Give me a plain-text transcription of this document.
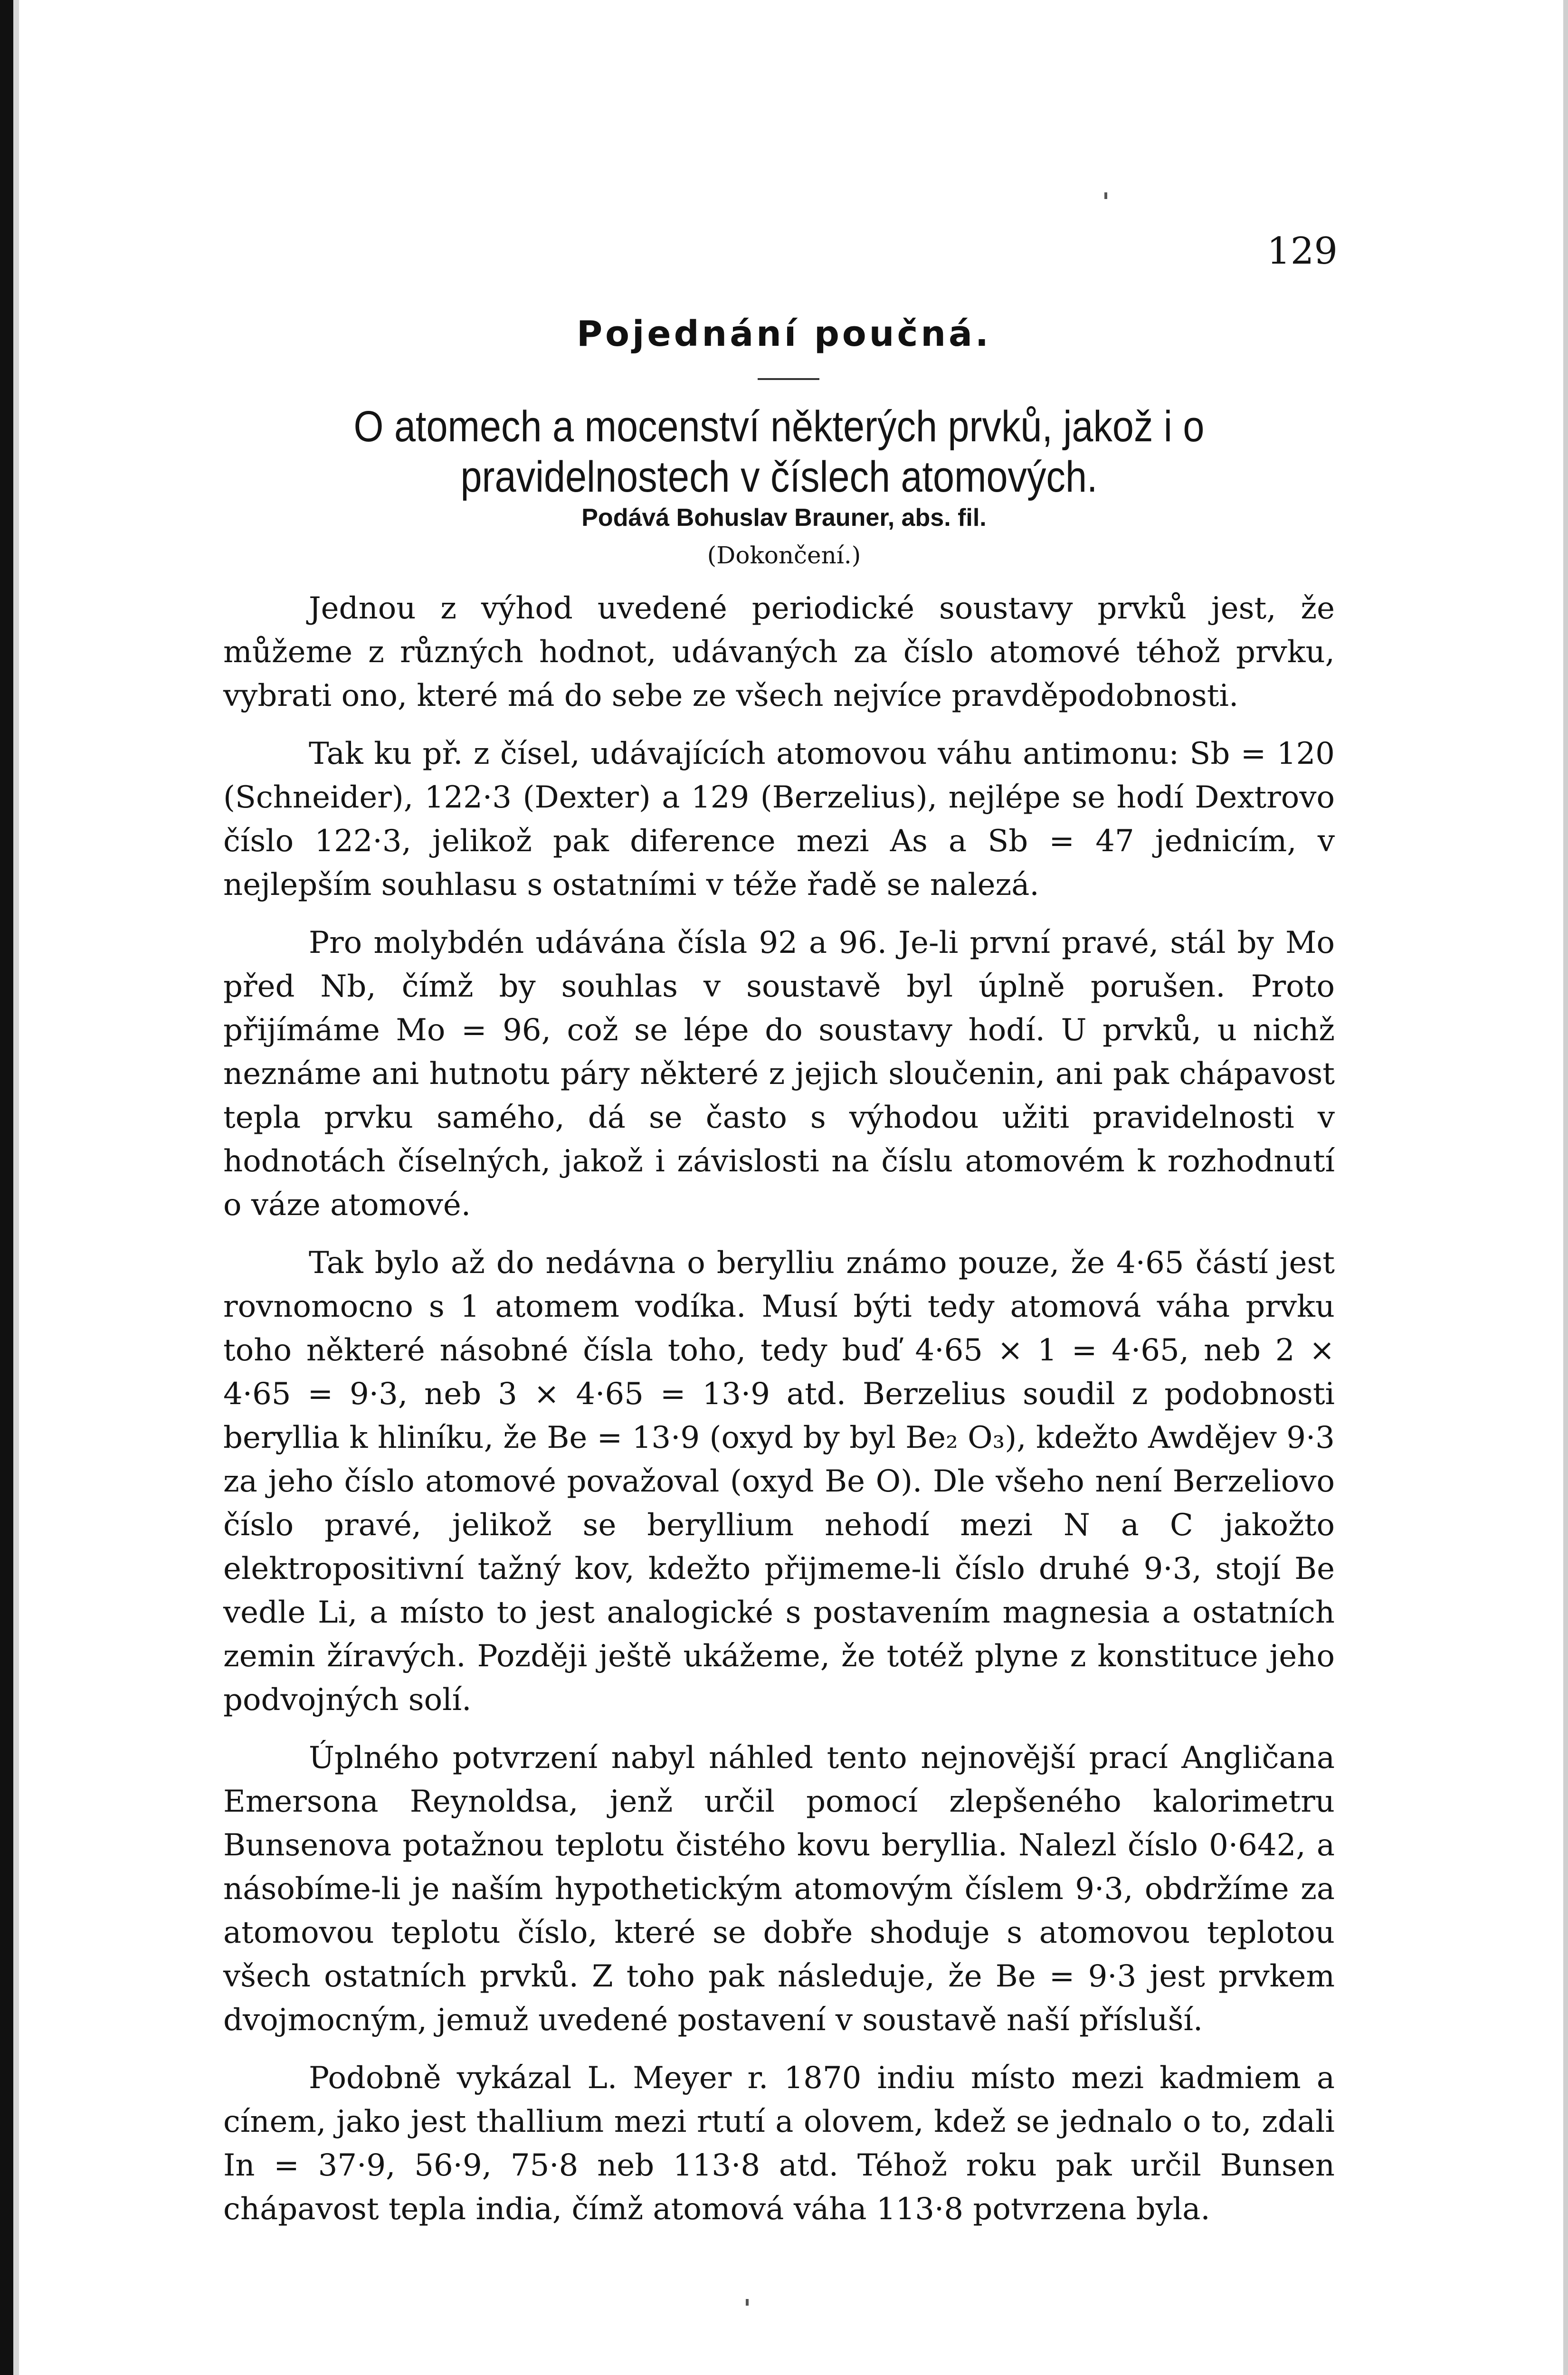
129
Pojednání poučná.
O atomech a mocenství některých prvků, jakož i o pravidelnostech v číslech atomových.
Podává Bohuslav Brauner, abs. fil.
(Dokončení.)

Jednou z výhod uvedené periodické soustavy prvků jest, že můžeme z různých hodnot, udávaných za číslo atomové téhož prvku, vybrati ono, které má do sebe ze všech nejvíce pravděpodobnosti.

Tak ku př. z čísel, udávajících atomovou váhu antimonu: Sb = 120 (Schneider), 122·3 (Dexter) a 129 (Berzelius), nejlépe se hodí Dextrovo číslo 122·3, jelikož pak diference mezi As a Sb = 47 jednicím, v nejlepším souhlasu s ostatními v téže řadě se nalezá.

Pro molybdén udávána čísla 92 a 96. Je-li první pravé, stál by Mo před Nb, čímž by souhlas v soustavě byl úplně porušen. Proto přijímáme Mo = 96, což se lépe do soustavy hodí. U prvků, u nichž neznáme ani hutnotu páry některé z jejich sloučenin, ani pak chápavost tepla prvku samého, dá se často s výhodou užiti pravidelnosti v hodnotách číselných, jakož i závislosti na číslu atomovém k rozhodnutí o váze atomové.

Tak bylo až do nedávna o berylliu známo pouze, že 4·65 částí jest rovnomocno s 1 atomem vodíka. Musí býti tedy atomová váha prvku toho některé násobné čísla toho, tedy buď 4·65 × 1 = 4·65, neb 2 × 4·65 = 9·3, neb 3 × 4·65 = 13·9 atd. Berzelius soudil z podobnosti beryllia k hliníku, že Be = 13·9 (oxyd by byl Be₂ O₃), kdežto Awdějev 9·3 za jeho číslo atomové považoval (oxyd Be O). Dle všeho není Berzeliovo číslo pravé, jelikož se beryllium nehodí mezi N a C jakožto elektropositivní tažný kov, kdežto přijmeme-li číslo druhé 9·3, stojí Be vedle Li, a místo to jest analogické s postavením magnesia a ostatních zemin žíravých. Později ještě ukážeme, že totéž plyne z konstituce jeho podvojných solí.

Úplného potvrzení nabyl náhled tento nejnovější prací Angličana Emersona Reynoldsa, jenž určil pomocí zlepšeného kalorimetru Bunsenova potažnou teplotu čistého kovu beryllia. Nalezl číslo 0·642, a násobíme-li je naším hypothetickým atomovým číslem 9·3, obdržíme za atomovou teplotu číslo, které se dobře shoduje s atomovou teplotou všech ostatních prvků. Z toho pak následuje, že Be = 9·3 jest prvkem dvojmocným, jemuž uvedené postavení v soustavě naší přísluší.

Podobně vykázal L. Meyer r. 1870 indiu místo mezi kadmiem a cínem, jako jest thallium mezi rtutí a olovem, kdež se jednalo o to, zdali In = 37·9, 56·9, 75·8 neb 113·8 atd. Téhož roku pak určil Bunsen chápavost tepla india, čímž atomová váha 113·8 potvrzena byla.
